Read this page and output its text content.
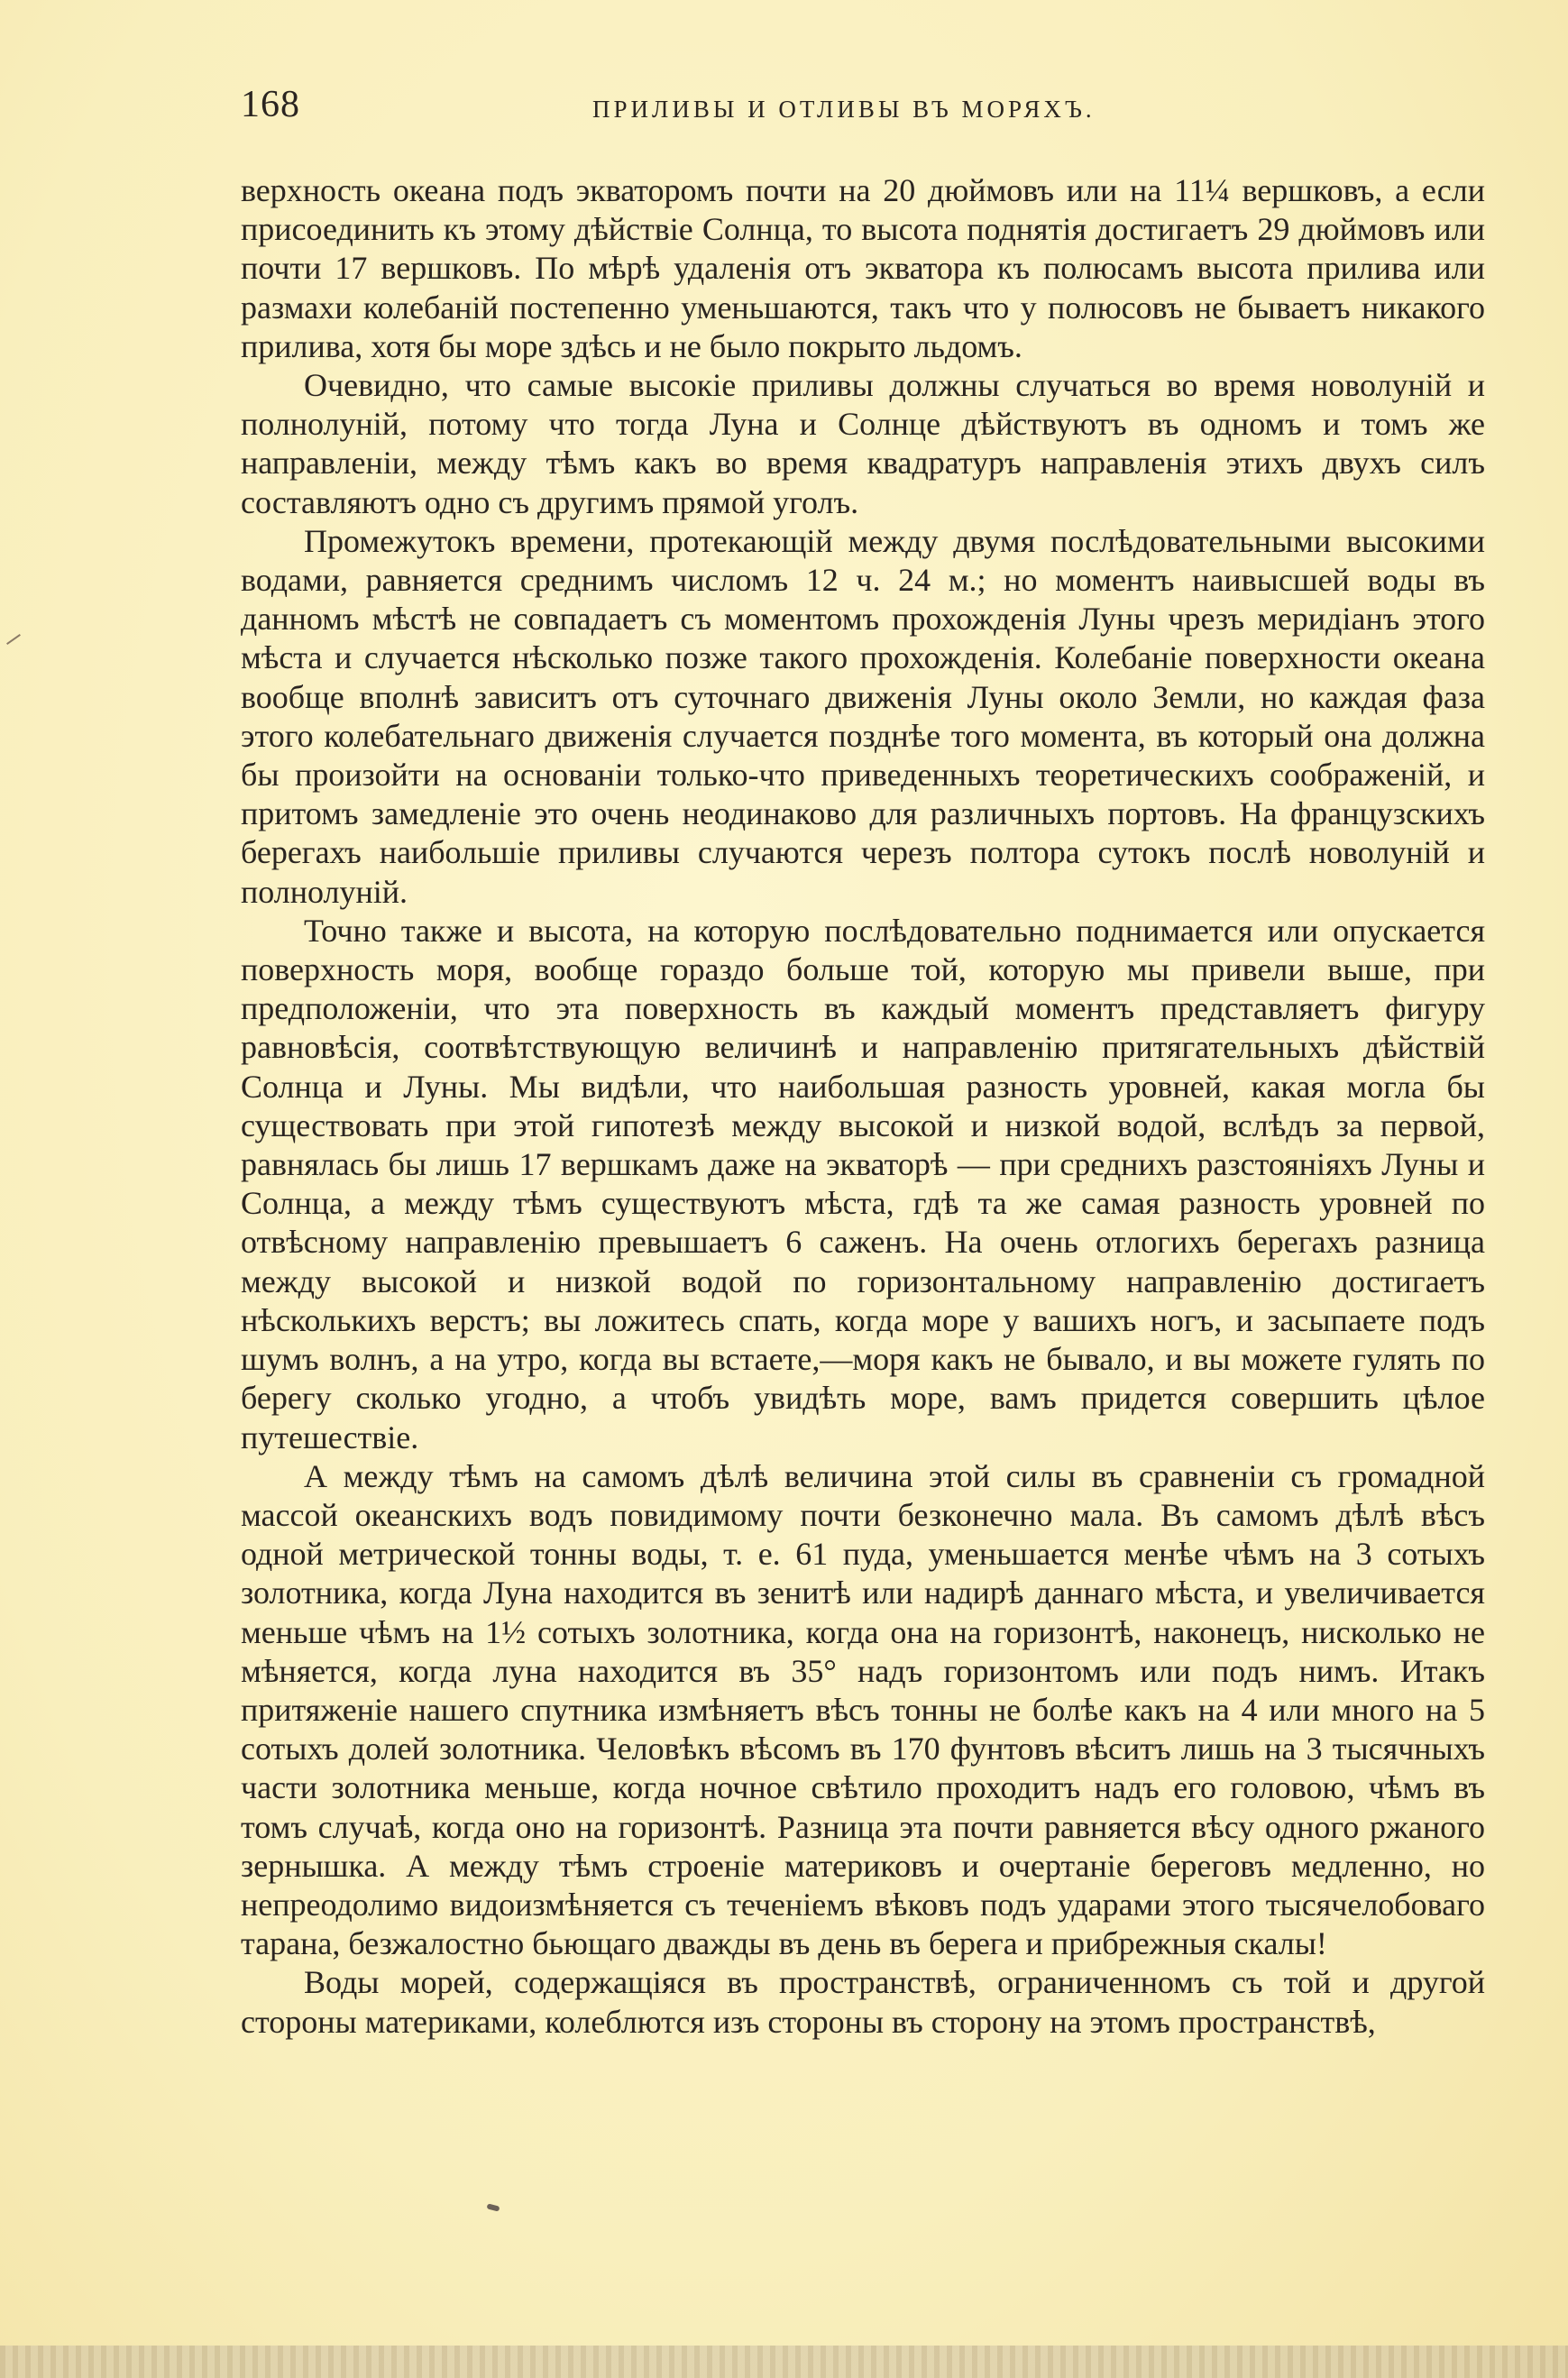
168	ПРИЛИВЫ И ОТЛИВЫ ВЪ МОРЯХЪ.

верхность океана подъ экваторомъ почти на 20 дюймовъ или на 11¼ вершковъ, а если присоединить къ этому дѣйствіе Солнца, то высота поднятія достигаетъ 29 дюймовъ или почти 17 вершковъ. По мѣрѣ удаленія отъ экватора къ полюсамъ высота прилива или размахи колебаній постепенно уменьшаются, такъ что у полюсовъ не бываетъ никакого прилива, хотя бы море здѣсь и не было покрыто льдомъ.

Очевидно, что самые высокіе приливы должны случаться во время новолуній и полнолуній, потому что тогда Луна и Солнце дѣйствуютъ въ одномъ и томъ же направленіи, между тѣмъ какъ во время квадратуръ направленія этихъ двухъ силъ составляютъ одно съ другимъ прямой уголъ.

Промежутокъ времени, протекающій между двумя послѣдовательными высокими водами, равняется среднимъ числомъ 12 ч. 24 м.; но моментъ наивысшей воды въ данномъ мѣстѣ не совпадаетъ съ моментомъ прохожденія Луны чрезъ меридіанъ этого мѣста и случается нѣсколько позже такого прохожденія. Колебаніе поверхности океана вообще вполнѣ зависитъ отъ суточнаго движенія Луны около Земли, но каждая фаза этого колебательнаго движенія случается позднѣе того момента, въ который она должна бы произойти на основаніи только-что приведенныхъ теоретическихъ соображеній, и притомъ замедленіе это очень неодинаково для различныхъ портовъ. На французскихъ берегахъ наибольшіе приливы случаются черезъ полтора сутокъ послѣ новолуній и полнолуній.

Точно также и высота, на которую послѣдовательно поднимается или опускается поверхность моря, вообще гораздо больше той, которую мы привели выше, при предположеніи, что эта поверхность въ каждый моментъ представляетъ фигуру равновѣсія, соотвѣтствующую величинѣ и направленію притягательныхъ дѣйствій Солнца и Луны. Мы видѣли, что наибольшая разность уровней, какая могла бы существовать при этой гипотезѣ между высокой и низкой водой, вслѣдъ за первой, равнялась бы лишь 17 вершкамъ даже на экваторѣ — при среднихъ разстояніяхъ Луны и Солнца, а между тѣмъ существуютъ мѣста, гдѣ та же самая разность уровней по отвѣсному направленію превышаетъ 6 саженъ. На очень отлогихъ берегахъ разница между высокой и низкой водой по горизонтальному направленію достигаетъ нѣсколькихъ верстъ; вы ложитесь спать, когда море у вашихъ ногъ, и засыпаете подъ шумъ волнъ, а на утро, когда вы встаете,—моря какъ не бывало, и вы можете гулять по берегу сколько угодно, а чтобъ увидѣть море, вамъ придется совершить цѣлое путешествіе.

А между тѣмъ на самомъ дѣлѣ величина этой силы въ сравненіи съ громадной массой океанскихъ водъ повидимому почти безконечно мала. Въ самомъ дѣлѣ вѣсъ одной метрической тонны воды, т. е. 61 пуда, уменьшается менѣе чѣмъ на 3 сотыхъ золотника, когда Луна находится въ зенитѣ или надирѣ даннаго мѣста, и увеличивается меньше чѣмъ на 1½ сотыхъ золотника, когда она на горизонтѣ, наконецъ, нисколько не мѣняется, когда луна находится въ 35° надъ горизонтомъ или подъ нимъ. Итакъ притяженіе нашего спутника измѣняетъ вѣсъ тонны не болѣе какъ на 4 или много на 5 сотыхъ долей золотника. Человѣкъ вѣсомъ въ 170 фунтовъ вѣситъ лишь на 3 тысячныхъ части золотника меньше, когда ночное свѣтило проходитъ надъ его головою, чѣмъ въ томъ случаѣ, когда оно на горизонтѣ. Разница эта почти равняется вѣсу одного ржаного зернышка. А между тѣмъ строеніе материковъ и очертаніе береговъ медленно, но непреодолимо видоизмѣняется съ теченіемъ вѣковъ подъ ударами этого тысячелобоваго тарана, безжалостно бьющаго дважды въ день въ берега и прибрежныя скалы!

Воды морей, содержащіяся въ пространствѣ, ограниченномъ съ той и другой стороны материками, колеблются изъ стороны въ сторону на этомъ пространствѣ,
